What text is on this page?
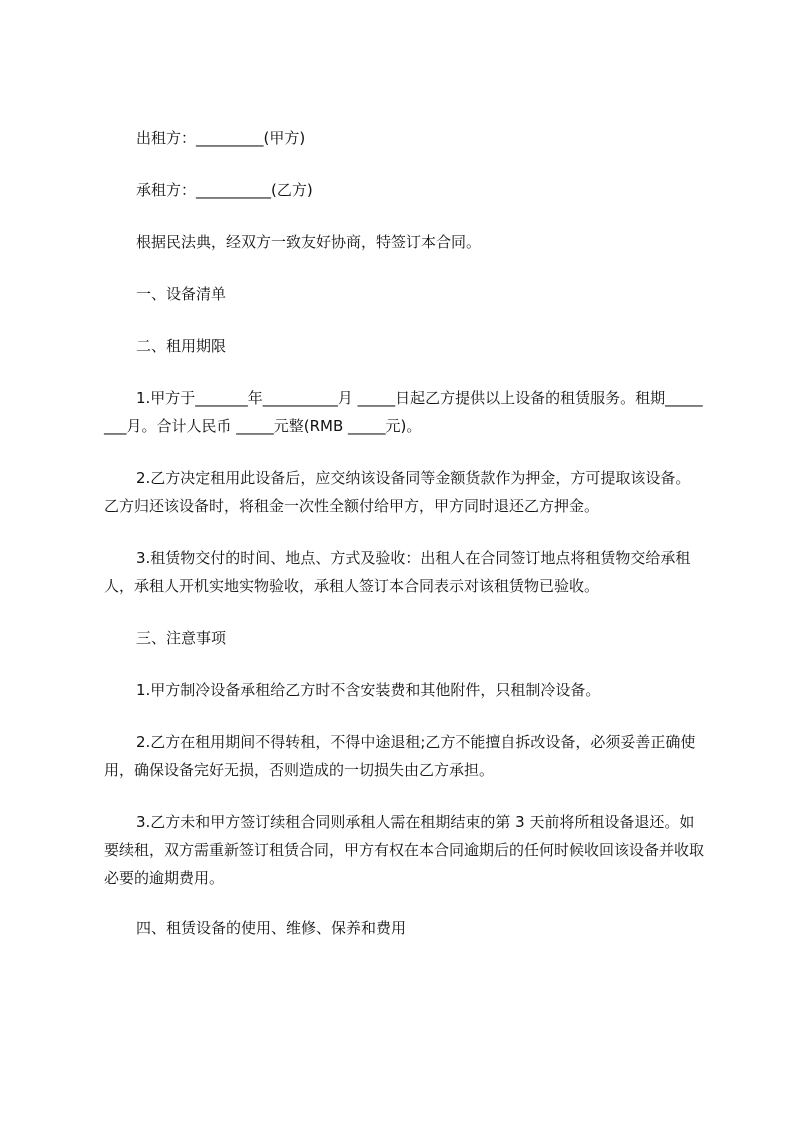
出租方：_________(甲方)

承租方：__________(乙方)

根据民法典，经双方一致友好协商，特签订本合同。

一、设备清单

二、租用期限

1.甲方于_______年__________月 _____日起乙方提供以上设备的租赁服务。租期________月。合计人民币 _____元整(RMB _____元)。

2.乙方决定租用此设备后，应交纳该设备同等金额货款作为押金，方可提取该设备。乙方归还该设备时，将租金一次性全额付给甲方，甲方同时退还乙方押金。

3.租赁物交付的时间、地点、方式及验收：出租人在合同签订地点将租赁物交给承租人，承租人开机实地实物验收，承租人签订本合同表示对该租赁物已验收。

三、注意事项

1.甲方制冷设备承租给乙方时不含安装费和其他附件，只租制冷设备。

2.乙方在租用期间不得转租，不得中途退租;乙方不能擅自拆改设备，必须妥善正确使用，确保设备完好无损，否则造成的一切损失由乙方承担。

3.乙方未和甲方签订续租合同则承租人需在租期结束的第 3 天前将所租设备退还。如要续租，双方需重新签订租赁合同，甲方有权在本合同逾期后的任何时候收回该设备并收取必要的逾期费用。

四、租赁设备的使用、维修、保养和费用
